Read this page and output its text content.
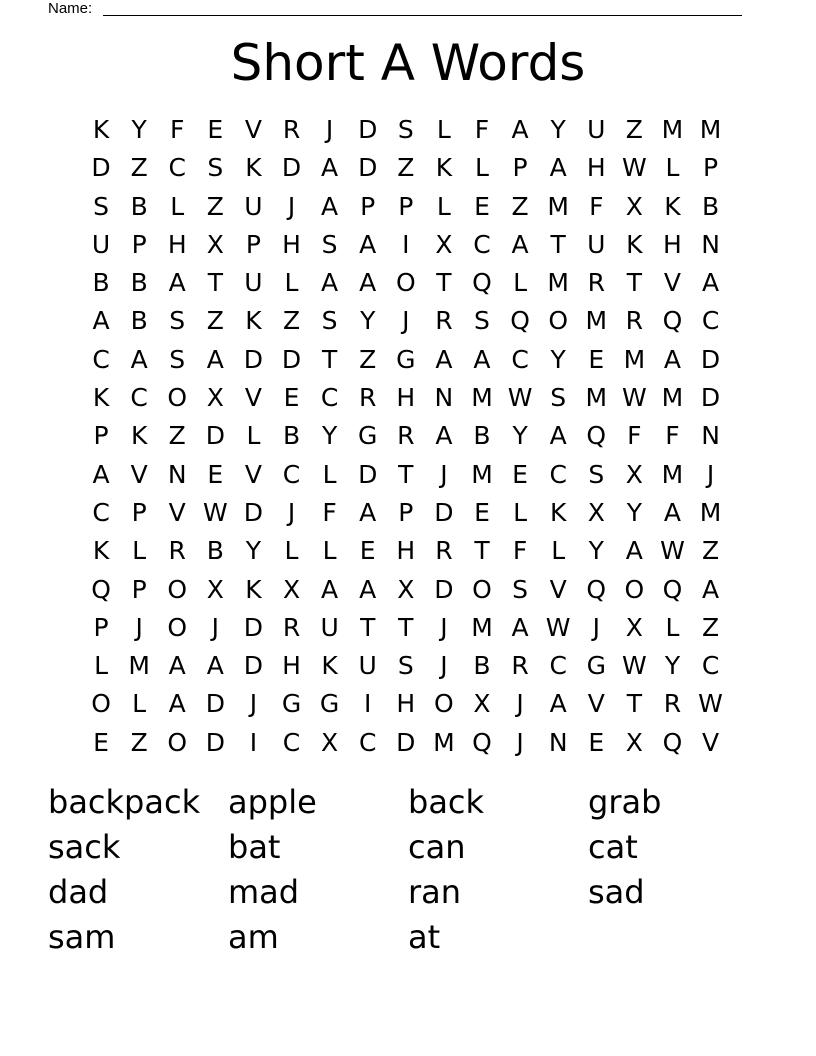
Name:
Short A Words
K Y F E V R	J D S L F A Y U Z M M
D Z C S K D A D Z K L P A H W L P
S B L Z U	J	A P P L E Z M F X K B
U P H X P H S A	I	X C A T U K H N
B B A T U L A A O T Q L M R T V A
A B S Z K Z S Y	J	R S Q O M R Q C
C A S A D D T Z G A A C Y E M A D
K C O X V E C R H N M W S M W M D
P K Z D L B Y G R A B Y A Q F F N
A V N E V C L D T	J M E C S X M J
C P V W D J	F A P D E L K X Y A M
K L R B Y L L E H R T F L Y A W Z
Q P O X K X A A X D O S V Q O Q A
P	J O J D R U T T	J M A W J	X L Z
L M A A D H K U S	J	B R C G W Y C
O L A D J G G I	H O X	J	A V T R W
E Z O D I	C X C D M Q J	N E X Q V
backpack apple	back	grab
sack	bat	can	cat
dad	mad	ran	sad
sam	am	at
